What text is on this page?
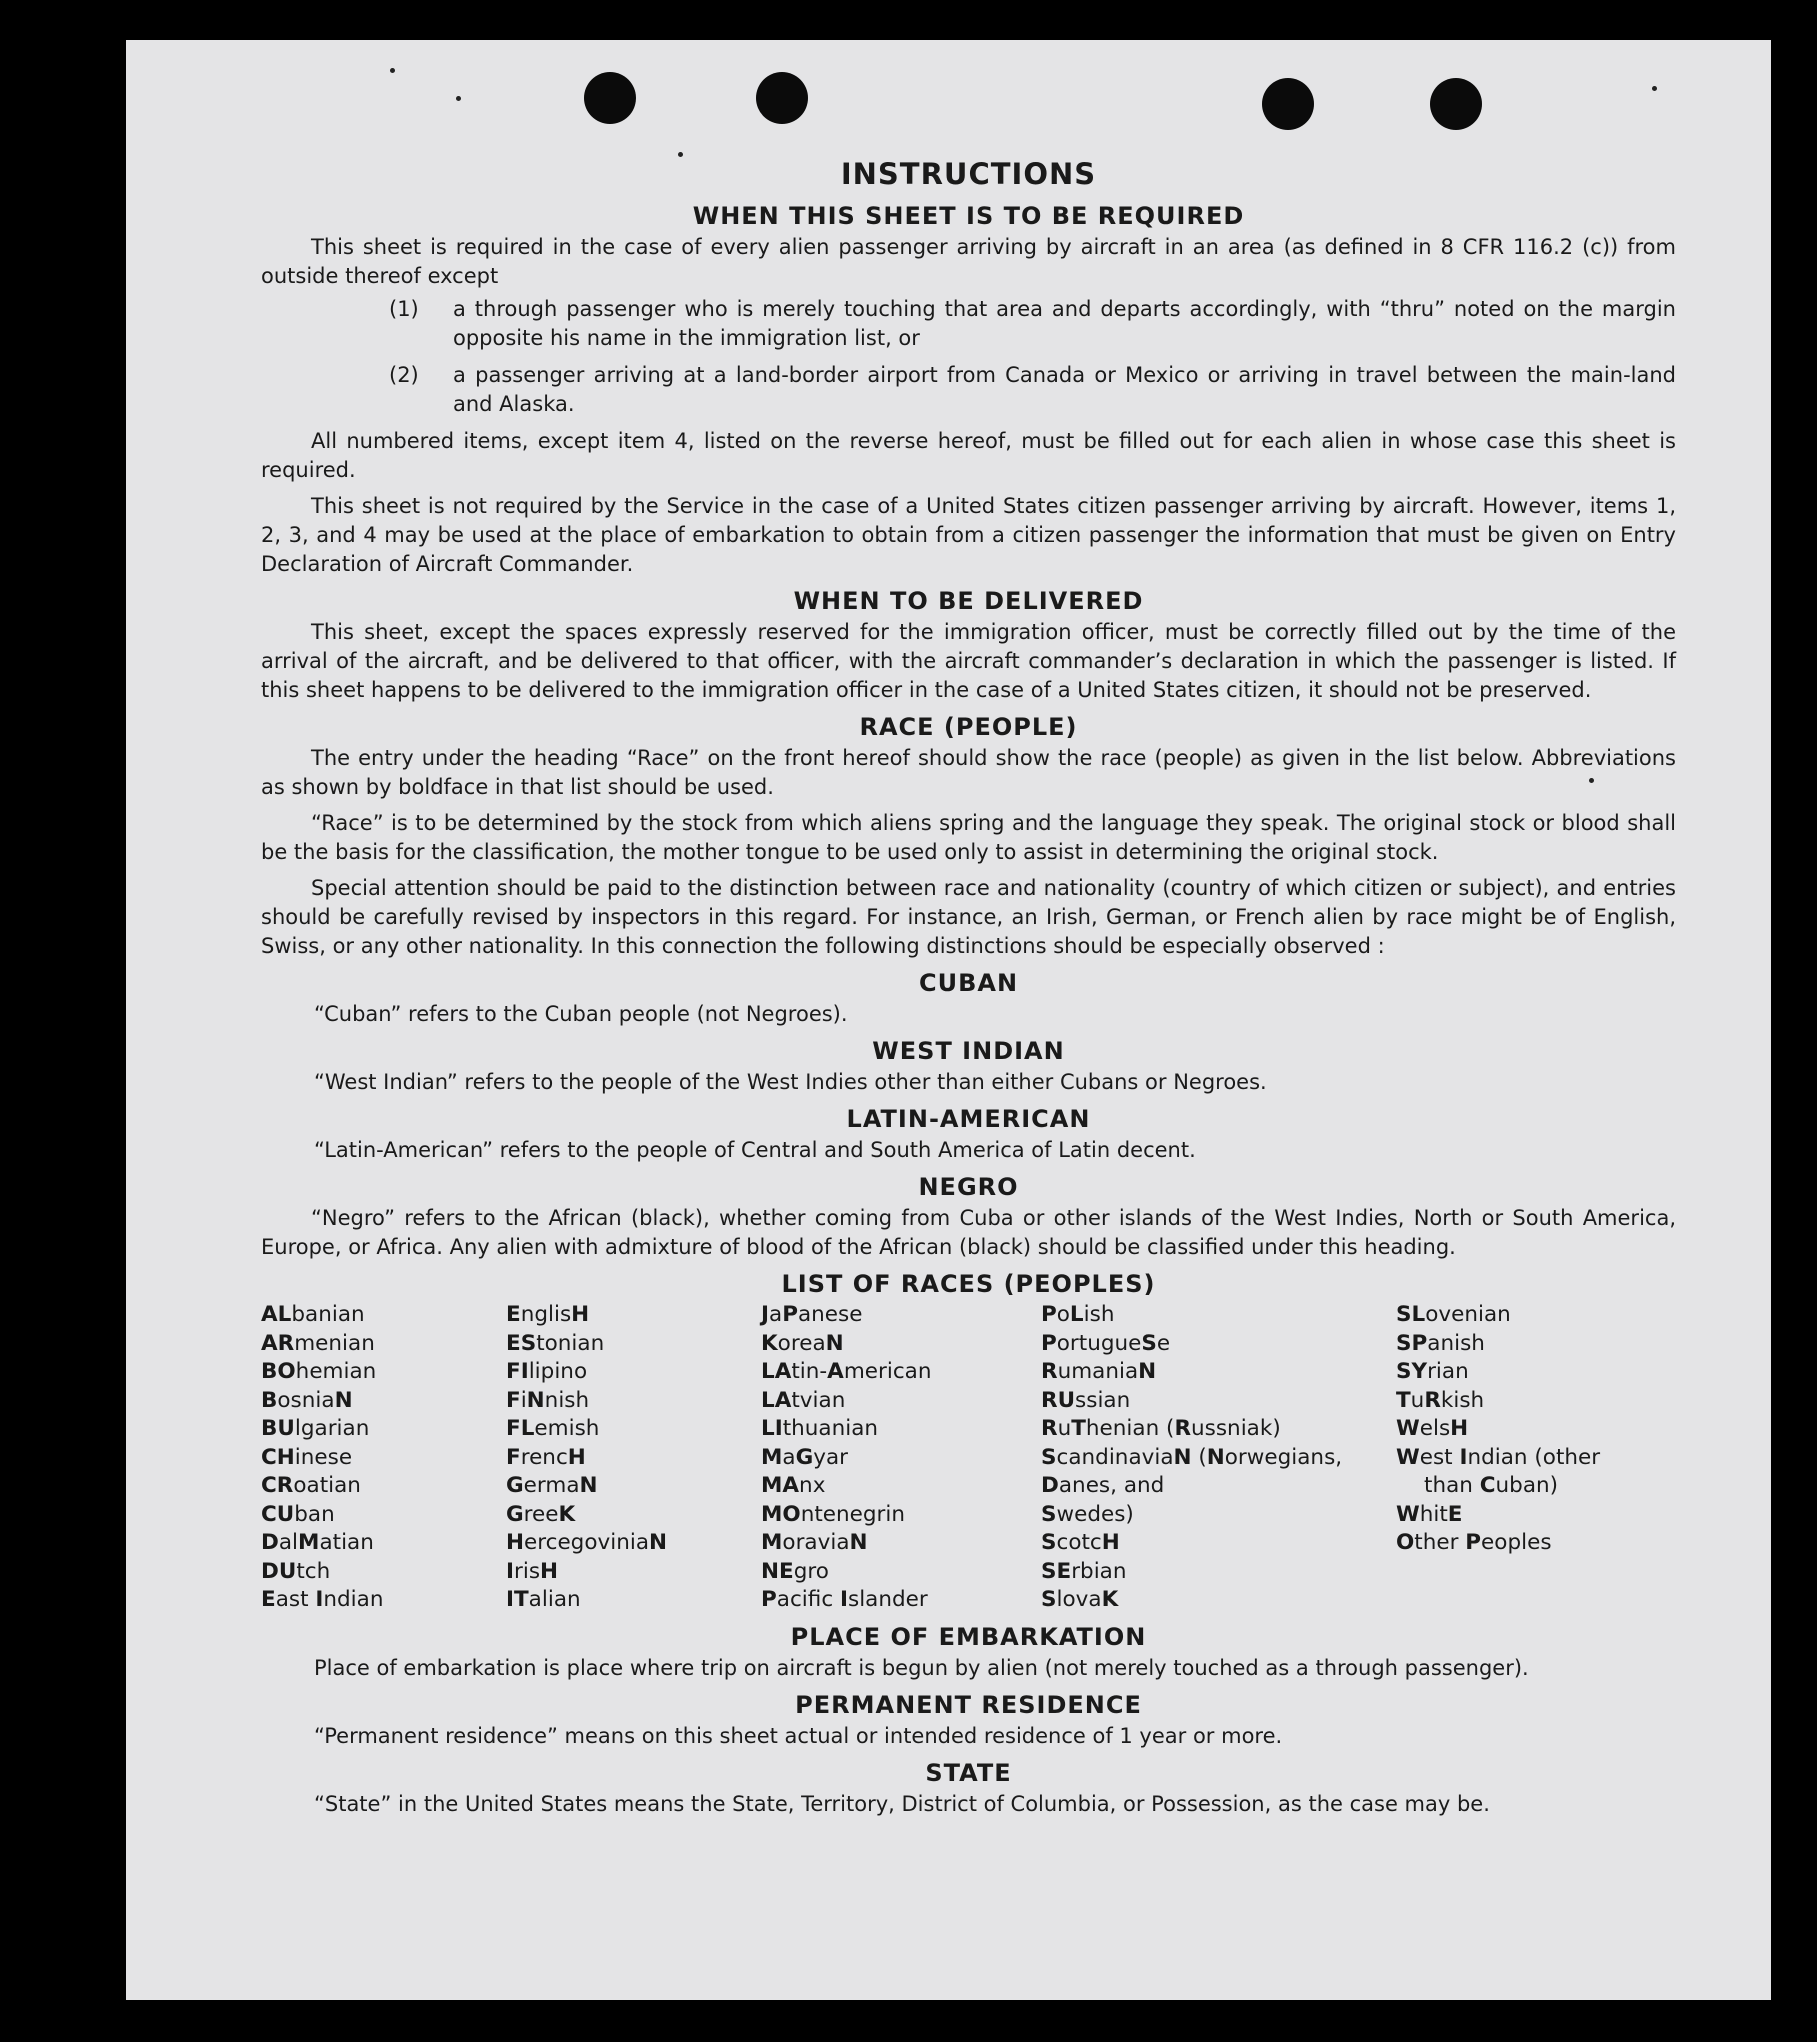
INSTRUCTIONS
WHEN THIS SHEET IS TO BE REQUIRED

This sheet is required in the case of every alien passenger arriving by aircraft in an area (as defined in 8 CFR 116.2 (c)) from outside thereof except

(1)	a through passenger who is merely touching that area and departs accordingly, with “thru” noted on the margin opposite his name in the immigration list, or
(2)	a passenger arriving at a land-border airport from Canada or Mexico or arriving in travel between the main-land and Alaska.

All numbered items, except item 4, listed on the reverse hereof, must be filled out for each alien in whose case this sheet is required.

This sheet is not required by the Service in the case of a United States citizen passenger arriving by aircraft. However, items 1, 2, 3, and 4 may be used at the place of embarkation to obtain from a citizen passenger the information that must be given on Entry Declaration of Aircraft Commander.

WHEN TO BE DELIVERED

This sheet, except the spaces expressly reserved for the immigration officer, must be correctly filled out by the time of the arrival of the aircraft, and be delivered to that officer, with the aircraft commander’s declaration in which the passenger is listed. If this sheet happens to be delivered to the immigration officer in the case of a United States citizen, it should not be preserved.

RACE (PEOPLE)

The entry under the heading “Race” on the front hereof should show the race (people) as given in the list below. Abbreviations as shown by boldface in that list should be used.

“Race” is to be determined by the stock from which aliens spring and the language they speak. The original stock or blood shall be the basis for the classification, the mother tongue to be used only to assist in determining the original stock.

Special attention should be paid to the distinction between race and nationality (country of which citizen or subject), and entries should be carefully revised by inspectors in this regard. For instance, an Irish, German, or French alien by race might be of English, Swiss, or any other nationality. In this connection the following distinctions should be especially observed :

CUBAN
“Cuban” refers to the Cuban people (not Negroes).
WEST INDIAN
“West Indian” refers to the people of the West Indies other than either Cubans or Negroes.
LATIN-AMERICAN
“Latin-American” refers to the people of Central and South America of Latin decent.
NEGRO

“Negro” refers to the African (black), whether coming from Cuba or other islands of the West Indies, North or South America, Europe, or Africa. Any alien with admixture of blood of the African (black) should be classified under this heading.

LIST OF RACES (PEOPLES)
ALbanian
ARmenian
BOhemian
BosniaN
BUlgarian
CHinese
CRoatian
CUban
DalMatian
DUtch
East Indian
EnglisH
EStonian
FIlipino
FiNnish
FLemish
FrencH
GermaN
GreeK
HercegoviniaN
IrisH
ITalian
JaPanese
KoreaN
LAtin-American
LAtvian
LIthuanian
MaGyar
MAnx
MOntenegrin
MoraviaN
NEgro
Pacifc Islander
PoLish
PortugueSe
RumaniaN
RUssian
RuThenian (Russniak)
ScandinaviaN (Norwegians,
Danes, and
Swedes)
ScotcH
SErbian
SlovaK
SLovenian
SPanish
SYrian
TuRkish
WelsH
West Indian (other
than Cuban)
WhitE
Other Peoples
PLACE OF EMBARKATION
Place of embarkation is place where trip on aircraft is begun by alien (not merely touched as a through passenger).
PERMANENT RESIDENCE
“Permanent residence” means on this sheet actual or intended residence of 1 year or more.
STATE
“State” in the United States means the State, Territory, District of Columbia, or Possession, as the case may be.
